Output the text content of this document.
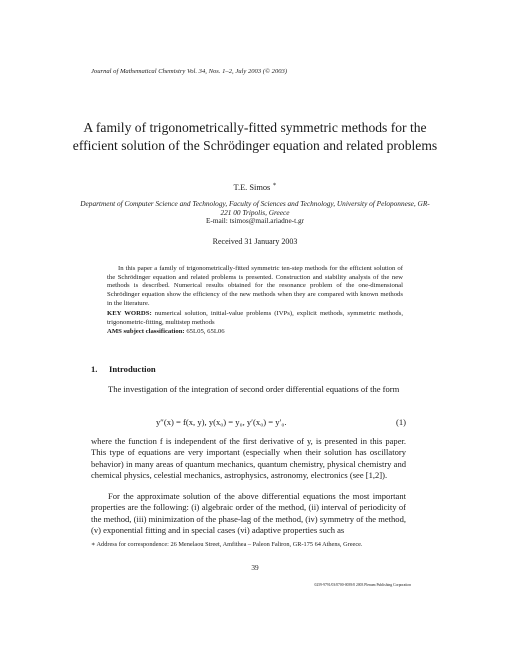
Journal of Mathematical Chemistry Vol. 34, Nos. 1–2, July 2003 (© 2003)
A family of trigonometrically-fitted symmetric methods for the efficient solution of the Schrödinger equation and related problems
T.E. Simos ∗
Department of Computer Science and Technology, Faculty of Sciences and Technology, University of Peloponnese, GR-221 00 Tripolis, Greece
E-mail: tsimos@mail.ariadne-t.gr
Received 31 January 2003
In this paper a family of trigonometrically-fitted symmetric ten-step methods for the efficient solution of the Schrödinger equation and related problems is presented. Construction and stability analysis of the new methods is described. Numerical results obtained for the resonance problem of the one-dimensional Schrödinger equation show the efficiency of the new methods when they are compared with known methods in the literature.
KEY WORDS: numerical solution, initial-value problems (IVPs), explicit methods, symmetric methods, trigonometric-fitting, multistep methods
AMS subject classification: 65L05, 65L06
1. Introduction
The investigation of the integration of second order differential equations of the form
y″(x) = f(x, y), y(x₀) = y₀, y′(x₀) = y′₀.	(1)
where the function f is independent of the first derivative of y, is presented in this paper. This type of equations are very important (especially when their solution has oscillatory behavior) in many areas of quantum mechanics, quantum chemistry, physical chemistry and chemical physics, celestial mechanics, astrophysics, astronomy, electronics (see [1,2]).
For the approximate solution of the above differential equations the most important properties are the following: (i) algebraic order of the method, (ii) interval of periodicity of the method, (iii) minimization of the phase-lag of the method, (iv) symmetry of the method, (v) exponential fitting and in special cases (vi) adaptive properties such as
∗ Address for correspondence: 26 Menelaou Street, Amfithea – Paleon Faliron, GR-175 64 Athens, Greece.
39
0259-9791/03/0700-0039/0 2003 Plenum Publishing Corporation
